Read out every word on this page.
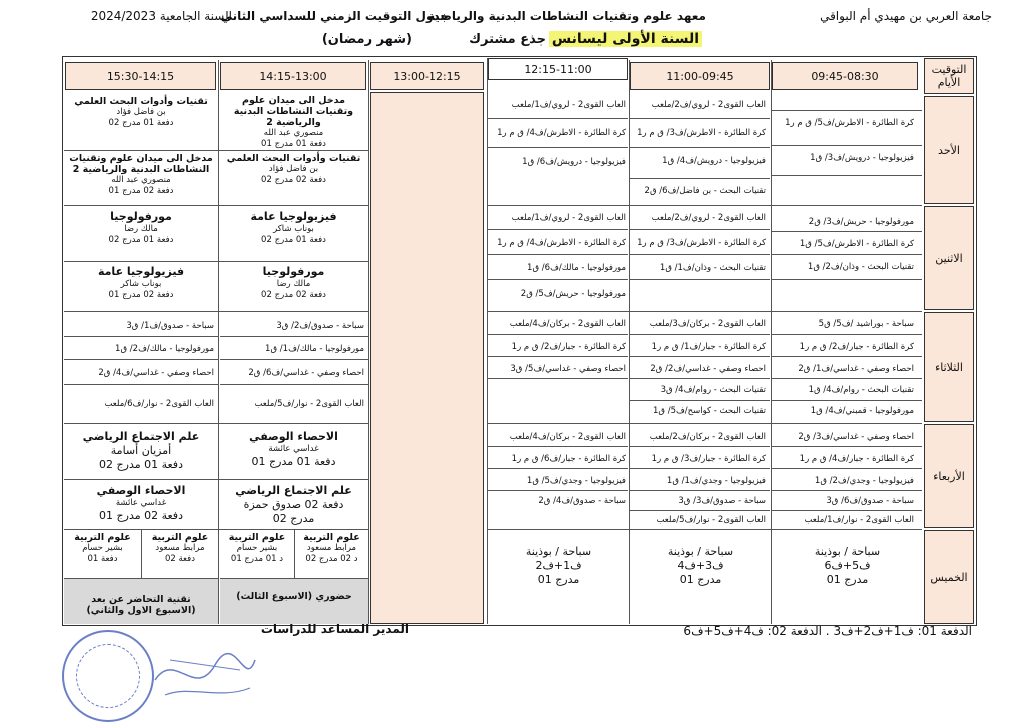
جامعة العربي بن مهيدي أم البواقي
معهد علوم وتقنيات النشاطات البدنية والرياضية
جدول التوقيت الزمني للسداسي الثاني
السنة الجامعية 2024/2023
السنة الأولى ليسانس
جذع مشترك
(شهر رمضان)
التوقيت
الأيام
09:45-08:30
11:00-09:45
12:15-11:00
13:00-12:15
14:15-13:00
15:30-14:15
الأحد
الاثنين
الثلاثاء
الأربعاء
الخميس
كرة الطائرة - الاطرش/ف5/ ق م ر1
فيزيولوجيا - درويش/ف3/ ق1
العاب القوى2 - لروي/ف2/ملعب
كرة الطائرة - الاطرش/ف3/ ق م ر1
فيزيولوجيا - درويش/ف4/ ق1
تقنيات البحث - بن فاضل/ف6/ ق2
العاب القوى2 - لروي/ف1/ملعب
كرة الطائرة - الاطرش/ف4/ ق م ر1
فيزيولوجيا - درويش/ف6/ ق1
مدخل الى ميدان علوم وتقنيات النشاطات البدنية والرياضية 2
منصوري عبد الله
دفعة 01 مدرج 01
تقنيات وأدوات البحث العلمي
بن فاضل فؤاد
دفعة 02 مدرج 02
تقنيات وأدوات البحث العلمي
بن فاضل فؤاد
دفعة 01 مدرج 02
مدخل الى ميدان علوم وتقنيات النشاطات البدنية والرياضية 2
منصوري عبد الله
دفعة 02 مدرج 01
مورفولوجيا - حريش/ف3/ ق2
كرة الطائرة - الاطرش/ف5/ ق1
تقنيات البحث - وذان/ف2/ ق1
العاب القوى2 - لروي/ف2/ملعب
كرة الطائرة - الاطرش/ف3/ ق م ر1
تقنيات البحث - وذان/ف1/ ق1
العاب القوى2 - لروي/ف1/ملعب
كرة الطائرة - الاطرش/ف4/ ق م ر1
مورفولوجيا - مالك/ف6/ ق1
مورفولوجيا - حريش/ف5/ ق2
فيزيولوجيا عامة
بوناب شاكر
دفعة 01 مدرج 02
مورفولوجيا
مالك رضا
دفعة 02 مدرج 02
مورفولوجيا
مالك رضا
دفعة 01 مدرج 02
فيزيولوجيا عامة
بوناب شاكر
دفعة 02 مدرج 01
سباحة - بوراشيد /ف5/ ق5
كرة الطائرة - جبار/ف2/ ق م ر1
احصاء وصفي - غداسي/ف1/ ق2
تقنيات البحث - روام/ف4/ ق1
مورفولوجيا - قمبني/ف4/ ق1
العاب القوى2 - بركان/ف3/ملعب
كرة الطائرة - جبار/ف1/ ق م ر1
احصاء وصفي - غداسي/ف2/ ق2
تقنيات البحث - روام/ف4/ ق3
تقنيات البحث - كواسح/ف5/ ق1
العاب القوى2 - بركان/ف4/ملعب
كرة الطائرة - جبار/ف2/ ق م ر1
احصاء وصفي - غداسي/ف5/ ق3
سباحة - صدوق/ف2/ ق3
مورفولوجيا - مالك/ف1/ ق1
احصاء وصفي - غداسي/ف6/ ق2
العاب القوى2 - نوار/ف5/ملعب
سباحة - صدوق/ف1/ ق3
مورفولوجيا - مالك/ف2/ ق1
احصاء وصفي - غداسي/ف4/ ق2
العاب القوى2 - نوار/ف6/ملعب
احصاء وصفي - غداسي/ف3/ ق2
كرة الطائرة - جبار/ف4/ ق م ر1
فيزيولوجيا - وجدي/ف2/ ق1
سباحة - صدوق/ف6/ ق3
العاب القوى2 - نوار/ف1/ملعب
العاب القوى2 - بركان/ف2/ملعب
كرة الطائرة - جبار/ف3/ ق م ر1
فيزيولوجيا - وجدي/ف1/ ق1
سباحة - صدوق/ف3/ ق3
العاب القوى2 - نوار/ف5/ملعب
العاب القوى2 - بركان/ف4/ملعب
كرة الطائرة - جبار/ف6/ ق م ر1
فيزيولوجيا - وجدي/ف5/ ق1
سباحة - صدوق/ف4/ ق2
الاحصاء الوصفي
غداسي عائشة
دفعة 01 مدرج 01
علم الاجتماع الرياضي
دفعة 02 صدوق حمزة
مدرج 02
علم الاجتماع الرياضي
أمزيان أسامة
دفعة 01 مدرج 02
الاحصاء الوصفي
غداسي عائشة
دفعة 02 مدرج 01
سباحة / بوذينة
ف5+ف6
مدرج 01
سباحة / بوذينة
ف3+ف4
مدرج 01
سباحة / بوذينة
ف1+ف2
مدرج 01
علوم التربية
مرابط مسعود
د 02 مدرج 02
علوم التربية
بشير حسام
د 01 مدرج 01
حضوري (الاسبوع الثالث)
علوم التربية
مرابط مسعود
دفعة 02
علوم التربية
بشير حسام
دفعة 01

تقنية التحاضر عن بعد
(الاسبوع الاول والثاني)

الدفعة 01: ف1+ف2+ف3 . الدفعة 02: ف4+ف5+ف6
المدير المساعد للدراسات
